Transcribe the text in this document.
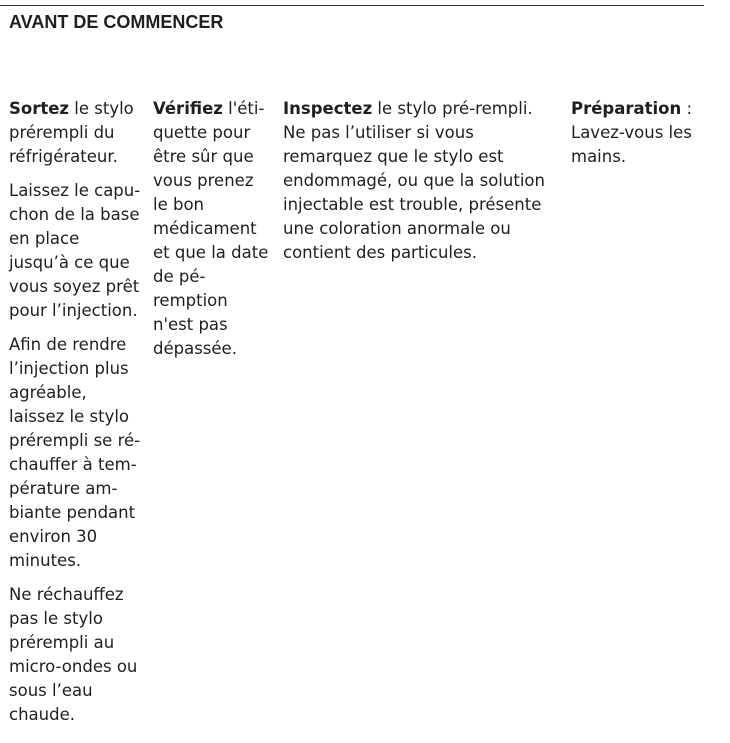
AVANT DE COMMENCER

Sortez le stylo prérempli du réfrigérateur.

Laissez le capuchon de la base en place jusqu’à ce que vous soyez prêt pour l’injection.

Afin de rendre l’injection plus agréable, laissez le stylo prérempli se réchauffer à température ambiante pendant environ 30 minutes.

Ne réchauffez pas le stylo prérempli au micro-ondes ou sous l’eau chaude.

Vérifiez l'étiquette pour être sûr que vous prenez le bon médicament et que la date de péremption n'est pas dépassée.

Inspectez le stylo pré-rempli. Ne pas l’utiliser si vous remarquez que le stylo est endommagé, ou que la solution injectable est trouble, présente une coloration anormale ou contient des particules.

Préparation : Lavez-vous les mains.
